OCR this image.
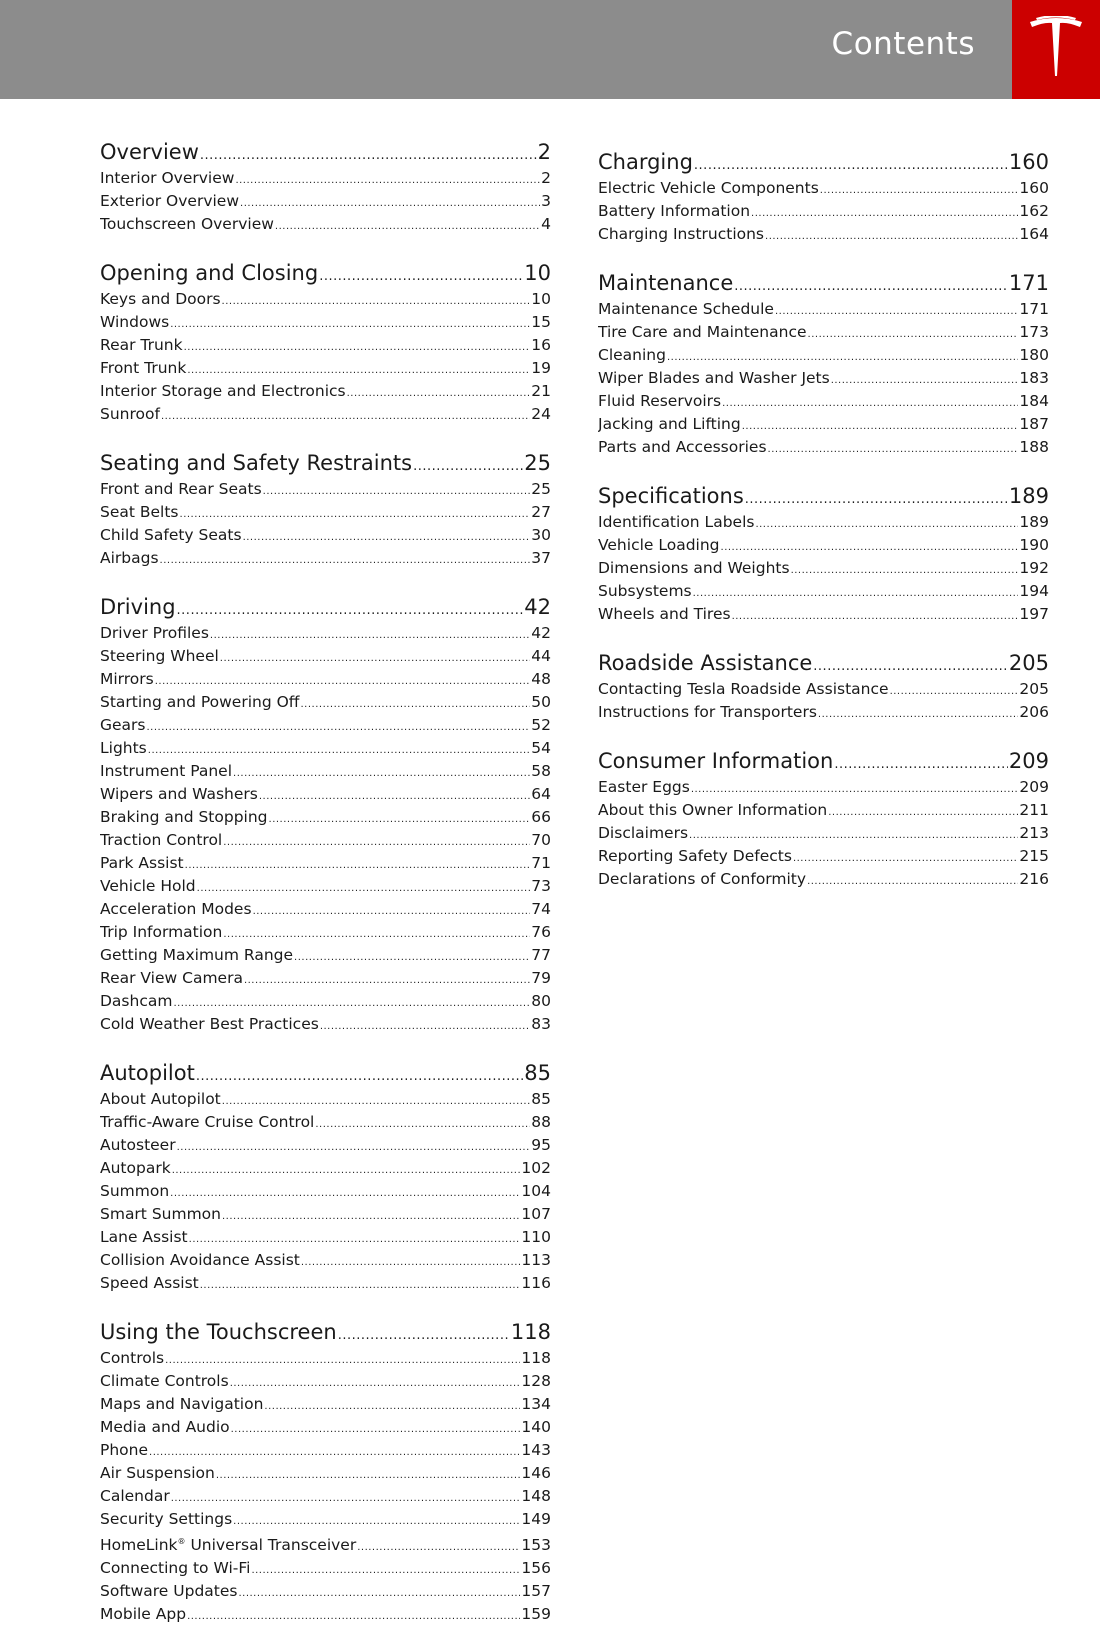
Contents
Overview .....	2
Interior Overview .....	2
Exterior Overview .....	3
Touchscreen Overview .....	4
Opening and Closing .....	10
Keys and Doors .....	10
Windows .....	15
Rear Trunk .....	16
Front Trunk .....	19
Interior Storage and Electronics .....	21
Sunroof .....	24
Seating and Safety Restraints .....	25
Front and Rear Seats .....	25
Seat Belts .....	27
Child Safety Seats .....	30
Airbags .....	37
Driving .....	42
Driver Profiles .....	42
Steering Wheel .....	44
Mirrors .....	48
Starting and Powering Off .....	50
Gears .....	52
Lights .....	54
Instrument Panel .....	58
Wipers and Washers .....	64
Braking and Stopping .....	66
Traction Control .....	70
Park Assist .....	71
Vehicle Hold .....	73
Acceleration Modes .....	74
Trip Information .....	76
Getting Maximum Range .....	77
Rear View Camera .....	79
Dashcam .....	80
Cold Weather Best Practices .....	83
Autopilot .....	85
About Autopilot .....	85
Traffic-Aware Cruise Control .....	88
Autosteer .....	95
Autopark .....	102
Summon .....	104
Smart Summon .....	107
Lane Assist .....	110
Collision Avoidance Assist .....	113
Speed Assist .....	116
Using the Touchscreen .....	118
Controls .....	118
Climate Controls .....	128
Maps and Navigation .....	134
Media and Audio .....	140
Phone .....	143
Air Suspension .....	146
Calendar .....	148
Security Settings .....	149
HomeLink® Universal Transceiver .....	153
Connecting to Wi-Fi .....	156
Software Updates .....	157
Mobile App .....	159
Charging .....	160
Electric Vehicle Components .....	160
Battery Information .....	162
Charging Instructions .....	164
Maintenance .....	171
Maintenance Schedule .....	171
Tire Care and Maintenance .....	173
Cleaning .....	180
Wiper Blades and Washer Jets .....	183
Fluid Reservoirs .....	184
Jacking and Lifting .....	187
Parts and Accessories .....	188
Specifications .....	189
Identification Labels .....	189
Vehicle Loading .....	190
Dimensions and Weights .....	192
Subsystems .....	194
Wheels and Tires .....	197
Roadside Assistance .....	205
Contacting Tesla Roadside Assistance .....	205
Instructions for Transporters .....	206
Consumer Information .....	209
Easter Eggs .....	209
About this Owner Information .....	211
Disclaimers .....	213
Reporting Safety Defects .....	215
Declarations of Conformity .....	216
